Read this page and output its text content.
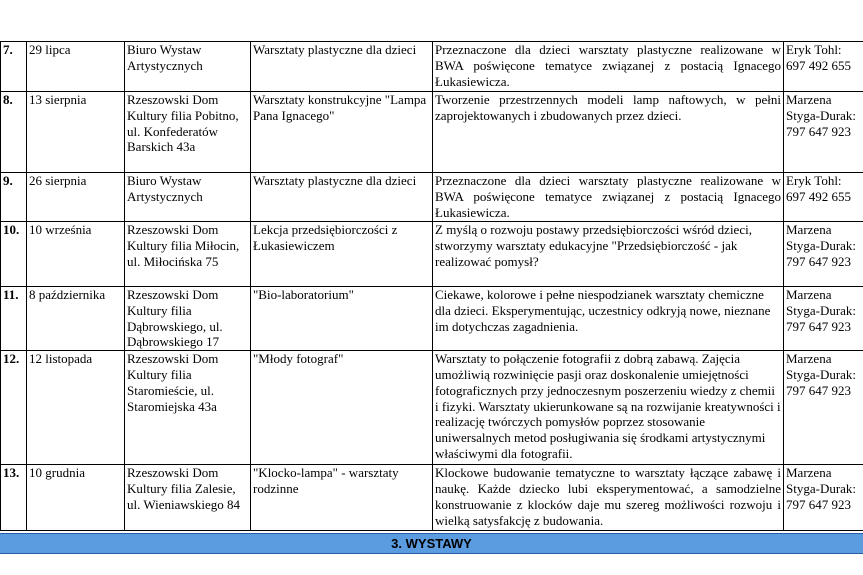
7.	29 lipca	Biuro Wystaw Artystycznych	Warsztaty plastyczne dla dzieci	Przeznaczone dla dzieci warsztaty plastyczne realizowane w BWA poświęcone tematyce związanej z postacią Ignacego Łukasiewicza.	Eryk Tohl: 697 492 655
8.	13 sierpnia	Rzeszowski Dom Kultury filia Pobitno, ul. Konfederatów Barskich 43a	Warsztaty konstrukcyjne "Lampa Pana Ignacego"	Tworzenie przestrzennych modeli lamp naftowych, w pełni zaprojektowanych i zbudowanych przez dzieci.	Marzena Styga-Durak: 797 647 923
9.	26 sierpnia	Biuro Wystaw Artystycznych	Warsztaty plastyczne dla dzieci	Przeznaczone dla dzieci warsztaty plastyczne realizowane w BWA poświęcone tematyce związanej z postacią Ignacego Łukasiewicza.	Eryk Tohl: 697 492 655
10.	10 września	Rzeszowski Dom Kultury filia Miłocin, ul. Miłocińska 75	Lekcja przedsiębiorczości z Łukasiewiczem	Z myślą o rozwoju postawy przedsiębiorczości wśród dzieci, stworzymy warsztaty edukacyjne "Przedsiębiorczość - jak realizować pomysł?	Marzena Styga-Durak: 797 647 923
11.	8 października	Rzeszowski Dom Kultury filia Dąbrowskiego, ul. Dąbrowskiego 17	"Bio-laboratorium"	Ciekawe, kolorowe i pełne niespodzianek warsztaty chemiczne dla dzieci. Eksperymentując, uczestnicy odkryją nowe, nieznane im dotychczas zagadnienia.	Marzena Styga-Durak: 797 647 923
12.	12 listopada	Rzeszowski Dom Kultury filia Staromieście, ul. Staromiejska 43a	"Młody fotograf"	Warsztaty to połączenie fotografii z dobrą zabawą. Zajęcia umożliwią rozwinięcie pasji oraz doskonalenie umiejętności fotograficznych przy jednoczesnym poszerzeniu wiedzy z chemii i fizyki. Warsztaty ukierunkowane są na rozwijanie kreatywności i realizację twórczych pomysłów poprzez stosowanie uniwersalnych metod posługiwania się środkami artystycznymi właściwymi dla fotografii.	Marzena Styga-Durak: 797 647 923
13.	10 grudnia	Rzeszowski Dom Kultury filia Zalesie, ul. Wieniawskiego 84	"Klocko-lampa" - warsztaty rodzinne	Klockowe budowanie tematyczne to warsztaty łączące zabawę i naukę. Każde dziecko lubi eksperymentować, a samodzielne konstruowanie z klocków daje mu szereg możliwości rozwoju i wielką satysfakcję z budowania.	Marzena Styga-Durak: 797 647 923
3. WYSTAWY
